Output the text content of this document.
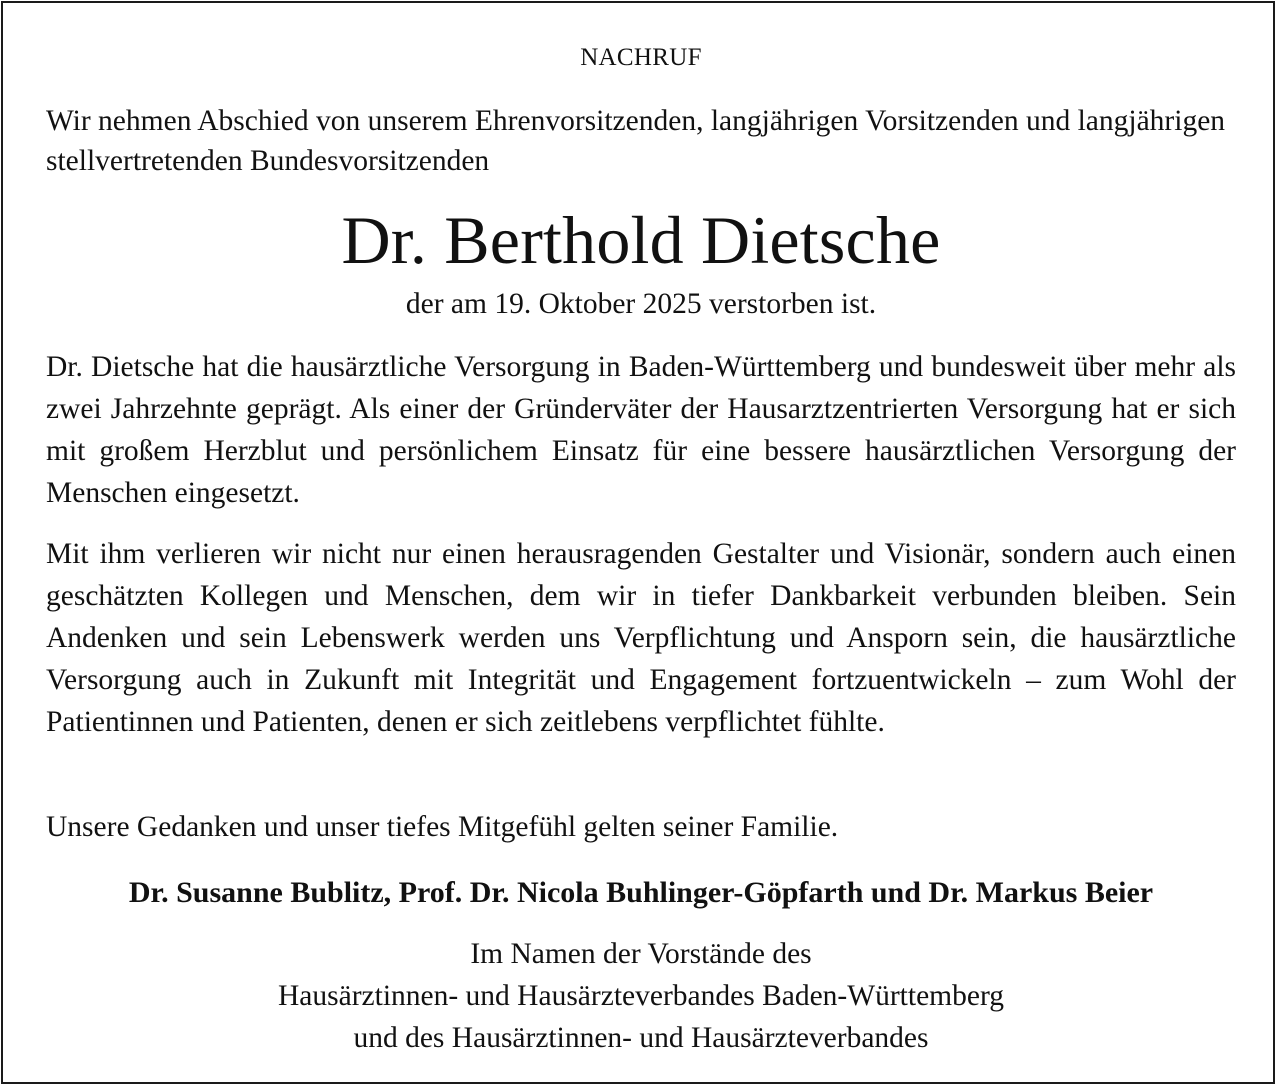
NACHRUF
Wir nehmen Abschied von unserem Ehrenvorsitzenden, langjährigen Vorsitzenden und langjährigen stellvertretenden Bundesvorsitzenden
Dr. Berthold Dietsche
der am 19. Oktober 2025 verstorben ist.
Dr. Dietsche hat die hausärztliche Versorgung in Baden-Württemberg und bundesweit über mehr als zwei Jahrzehnte geprägt. Als einer der Gründerväter der Hausarztzentrierten Versorgung hat er sich mit großem Herzblut und persönlichem Einsatz für eine bessere hausärztlichen Versorgung der Menschen eingesetzt.
Mit ihm verlieren wir nicht nur einen herausragenden Gestalter und Visionär, sondern auch einen geschätzten Kollegen und Menschen, dem wir in tiefer Dankbarkeit verbunden bleiben. Sein Andenken und sein Lebenswerk werden uns Verpflichtung und Ansporn sein, die hausärztliche Versorgung auch in Zukunft mit Integrität und Engagement fortzuentwickeln – zum Wohl der Patientinnen und Patienten, denen er sich zeitlebens verpflichtet fühlte.
Unsere Gedanken und unser tiefes Mitgefühl gelten seiner Familie.
Dr. Susanne Bublitz, Prof. Dr. Nicola Buhlinger-Göpfarth und Dr. Markus Beier
Im Namen der Vorstände des
Hausärztinnen- und Hausärzteverbandes Baden-Württemberg
und des Hausärztinnen- und Hausärzteverbandes
